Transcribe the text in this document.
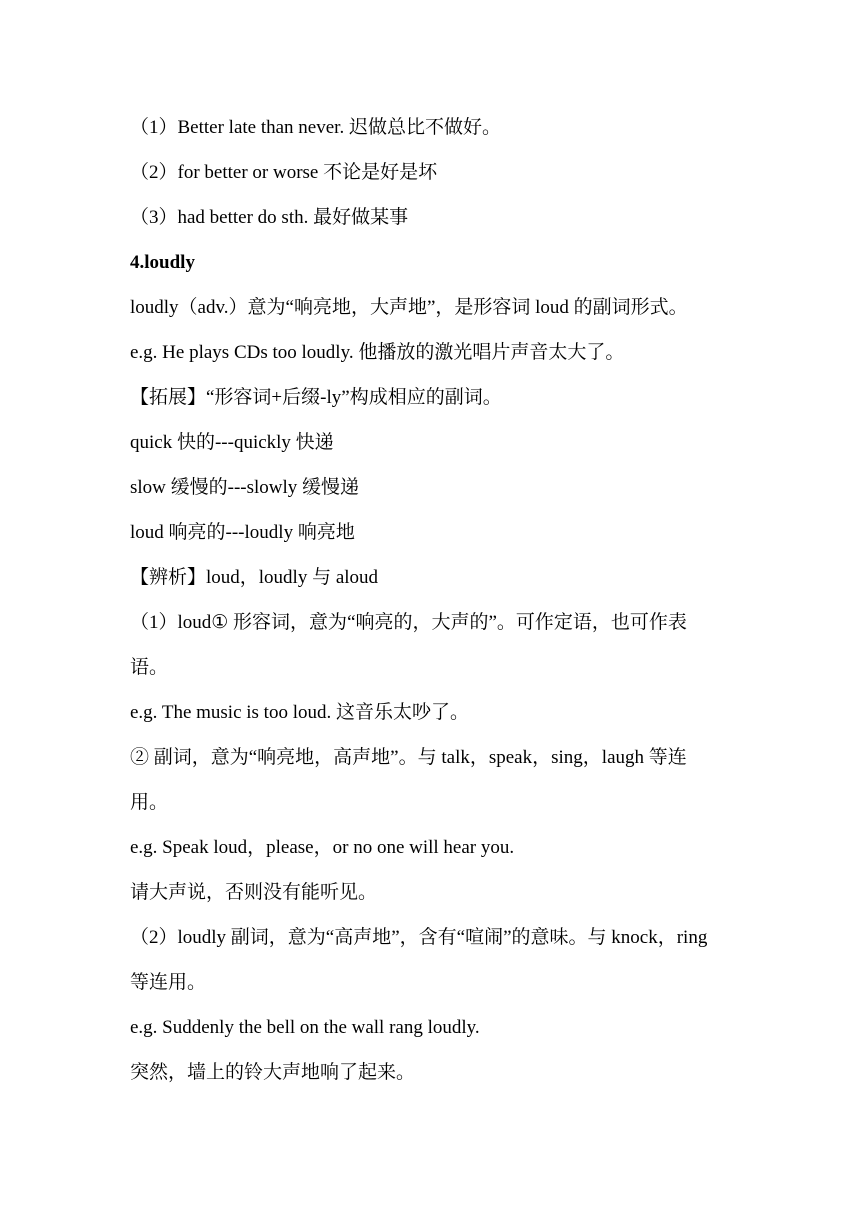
（1）Better late than never. 迟做总比不做好。
（2）for better or worse 不论是好是坏
（3）had better do sth. 最好做某事
4.loudly
loudly（adv.）意为“响亮地，大声地”，是形容词 loud 的副词形式。
e.g. He plays CDs too loudly. 他播放的激光唱片声音太大了。
【拓展】“形容词+后缀-ly”构成相应的副词。
quick 快的---quickly 快递
slow 缓慢的---slowly 缓慢递
loud 响亮的---loudly 响亮地
【辨析】loud，loudly 与 aloud
（1）loud① 形容词，意为“响亮的，大声的”。可作定语，也可作表
语。
e.g. The music is too loud. 这音乐太吵了。
② 副词，意为“响亮地，高声地”。与 talk，speak，sing，laugh 等连
用。
e.g. Speak loud，please，or no one will hear you.
请大声说，否则没有能听见。
（2）loudly 副词，意为“高声地”，含有“喧闹”的意味。与 knock，ring
等连用。
e.g. Suddenly the bell on the wall rang loudly.
突然，墙上的铃大声地响了起来。
